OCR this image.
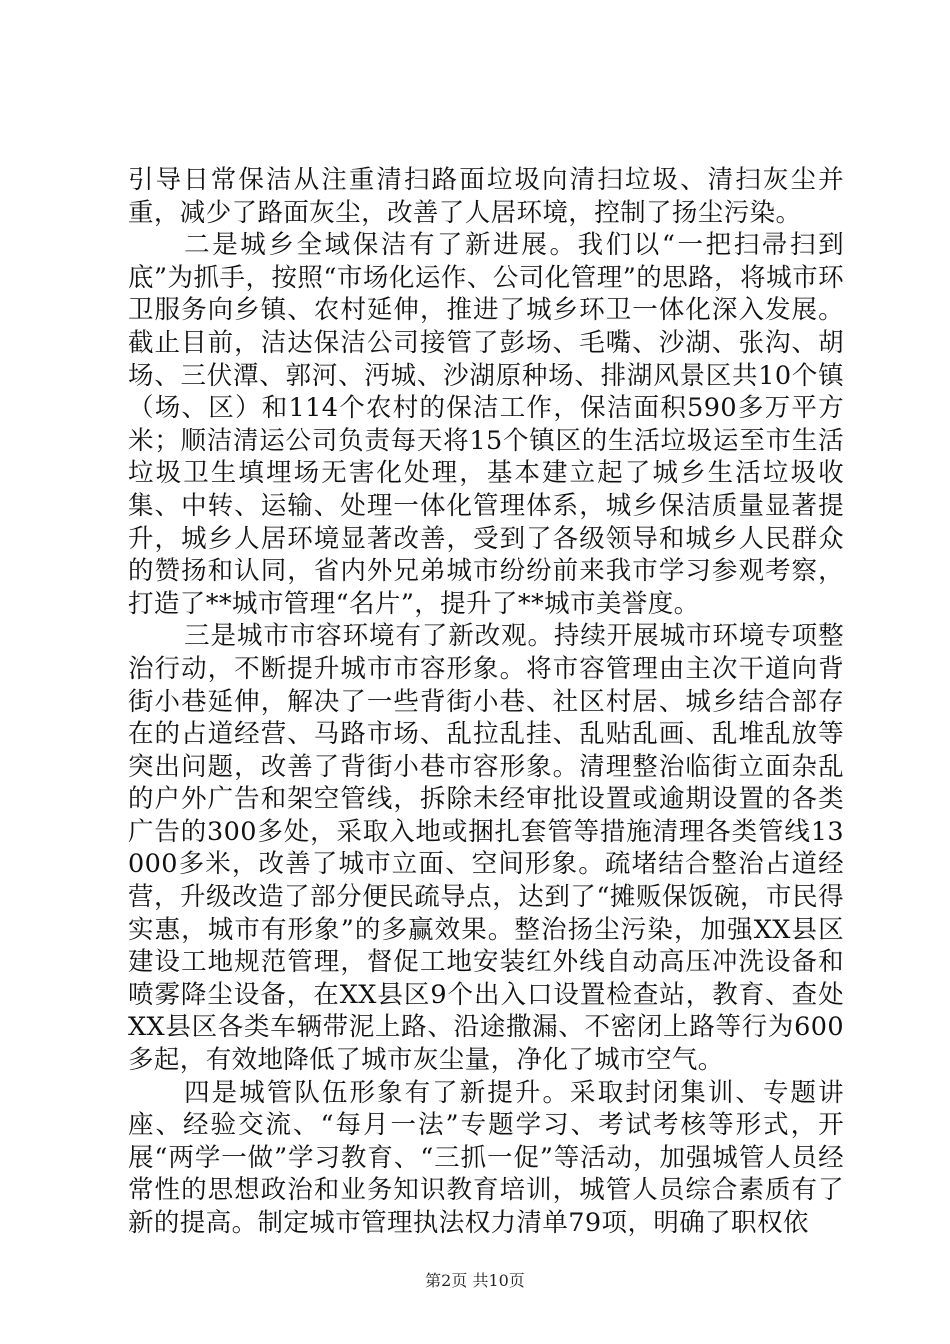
引导日常保洁从注重清扫路面垃圾向清扫垃圾、清扫灰尘并重，减少了路面灰尘，改善了人居环境，控制了扬尘污染。

二是城乡全域保洁有了新进展。我们以“一把扫帚扫到底”为抓手，按照“市场化运作、公司化管理”的思路，将城市环卫服务向乡镇、农村延伸，推进了城乡环卫一体化深入发展。截止目前，洁达保洁公司接管了彭场、毛嘴、沙湖、张沟、胡场、三伏潭、郭河、沔城、沙湖原种场、排湖风景区共10个镇（场、区）和114个农村的保洁工作，保洁面积590多万平方米；顺洁清运公司负责每天将15个镇区的生活垃圾运至市生活垃圾卫生填埋场无害化处理，基本建立起了城乡生活垃圾收集、中转、运输、处理一体化管理体系，城乡保洁质量显著提升，城乡人居环境显著改善，受到了各级领导和城乡人民群众的赞扬和认同，省内外兄弟城市纷纷前来我市学习参观考察，打造了**城市管理“名片”，提升了**城市美誉度。

三是城市市容环境有了新改观。持续开展城市环境专项整治行动，不断提升城市市容形象。将市容管理由主次干道向背街小巷延伸，解决了一些背街小巷、社区村居、城乡结合部存在的占道经营、马路市场、乱拉乱挂、乱贴乱画、乱堆乱放等突出问题，改善了背街小巷市容形象。清理整治临街立面杂乱的户外广告和架空管线，拆除未经审批设置或逾期设置的各类广告的300多处，采取入地或捆扎套管等措施清理各类管线13000多米，改善了城市立面、空间形象。疏堵结合整治占道经营，升级改造了部分便民疏导点，达到了“摊贩保饭碗，市民得实惠，城市有形象”的多赢效果。整治扬尘污染，加强XX县区建设工地规范管理，督促工地安装红外线自动高压冲洗设备和喷雾降尘设备，在XX县区9个出入口设置检查站，教育、查处XX县区各类车辆带泥上路、沿途撒漏、不密闭上路等行为600多起，有效地降低了城市灰尘量，净化了城市空气。

四是城管队伍形象有了新提升。采取封闭集训、专题讲座、经验交流、“每月一法”专题学习、考试考核等形式，开展“两学一做”学习教育、“三抓一促”等活动，加强城管人员经常性的思想政治和业务知识教育培训，城管人员综合素质有了新的提高。制定城市管理执法权力清单79项，明确了职权依

第2页 共10页
